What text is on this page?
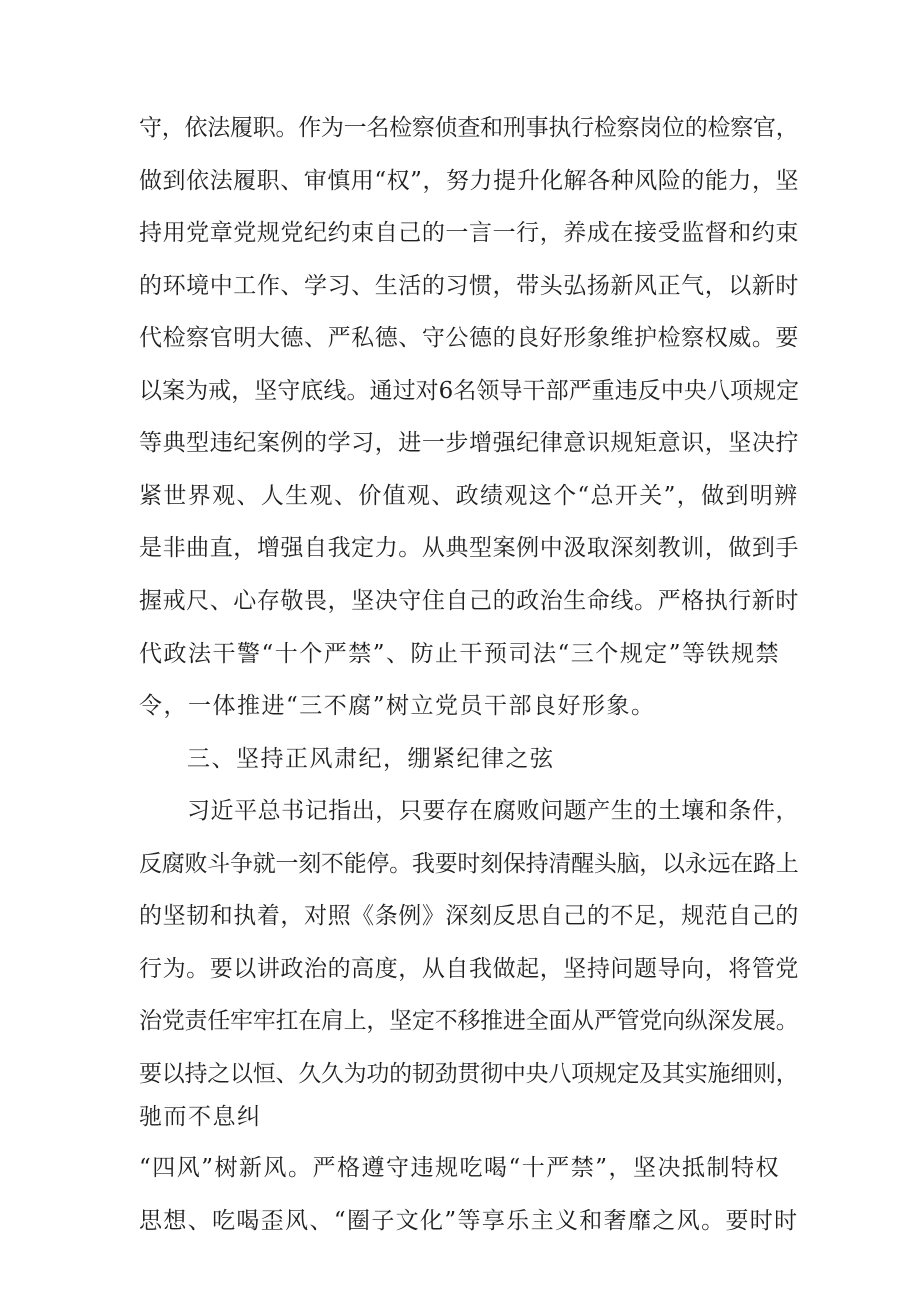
守，依法履职。作为一名检察侦查和刑事执行检察岗位的检察官，
做到依法履职、审慎用“权”，努力提升化解各种风险的能力，坚
持用党章党规党纪约束自己的一言一行，养成在接受监督和约束
的环境中工作、学习、生活的习惯，带头弘扬新风正气，以新时
代检察官明大德、严私德、守公德的良好形象维护检察权威。要
以案为戒，坚守底线。通过对6名领导干部严重违反中央八项规定
等典型违纪案例的学习，进一步增强纪律意识规矩意识，坚决拧
紧世界观、人生观、价值观、政绩观这个“总开关”，做到明辨
是非曲直，增强自我定力。从典型案例中汲取深刻教训，做到手
握戒尺、心存敬畏，坚决守住自己的政治生命线。严格执行新时
代政法干警“十个严禁”、防止干预司法“三个规定”等铁规禁
令，一体推进“三不腐”树立党员干部良好形象。
三、坚持正风肃纪，绷紧纪律之弦
习近平总书记指出，只要存在腐败问题产生的土壤和条件，
反腐败斗争就一刻不能停。我要时刻保持清醒头脑，以永远在路上
的坚韧和执着，对照《条例》深刻反思自己的不足，规范自己的
行为。要以讲政治的高度，从自我做起，坚持问题导向，将管党
治党责任牢牢扛在肩上，坚定不移推进全面从严管党向纵深发展。
要以持之以恒、久久为功的韧劲贯彻中央八项规定及其实施细则，
驰而不息纠
“四风”树新风。严格遵守违规吃喝“十严禁”，坚决抵制特权
思想、吃喝歪风、“圈子文化”等享乐主义和奢靡之风。要时时
